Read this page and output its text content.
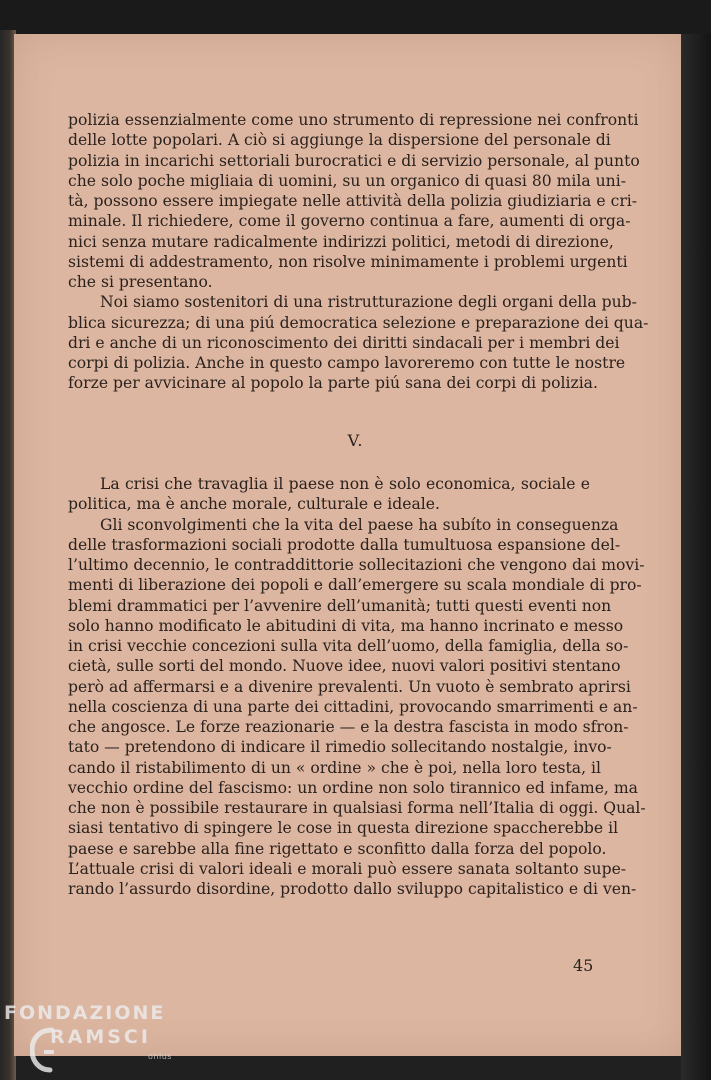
polizia essenzialmente come uno strumento di repressione nei confronti
delle lotte popolari. A ciò si aggiunge la dispersione del personale di
polizia in incarichi settoriali burocratici e di servizio personale, al punto
che solo poche migliaia di uomini, su un organico di quasi 80 mila uni-
tà, possono essere impiegate nelle attività della polizia giudiziaria e cri-
minale. Il richiedere, come il governo continua a fare, aumenti di orga-
nici senza mutare radicalmente indirizzi politici, metodi di direzione,
sistemi di addestramento, non risolve minimamente i problemi urgenti
che si presentano.
Noi siamo sostenitori di una ristrutturazione degli organi della pub-
blica sicurezza; di una piú democratica selezione e preparazione dei qua-
dri e anche di un riconoscimento dei diritti sindacali per i membri dei
corpi di polizia. Anche in questo campo lavoreremo con tutte le nostre
forze per avvicinare al popolo la parte piú sana dei corpi di polizia.
V.
La crisi che travaglia il paese non è solo economica, sociale e
politica, ma è anche morale, culturale e ideale.
Gli sconvolgimenti che la vita del paese ha subíto in conseguenza
delle trasformazioni sociali prodotte dalla tumultuosa espansione del-
l’ultimo decennio, le contraddittorie sollecitazioni che vengono dai movi-
menti di liberazione dei popoli e dall’emergere su scala mondiale di pro-
blemi drammatici per l’avvenire dell’umanità; tutti questi eventi non
solo hanno modificato le abitudini di vita, ma hanno incrinato e messo
in crisi vecchie concezioni sulla vita dell’uomo, della famiglia, della so-
cietà, sulle sorti del mondo. Nuove idee, nuovi valori positivi stentano
però ad affermarsi e a divenire prevalenti. Un vuoto è sembrato aprirsi
nella coscienza di una parte dei cittadini, provocando smarrimenti e an-
che angosce. Le forze reazionarie — e la destra fascista in modo sfron-
tato — pretendono di indicare il rimedio sollecitando nostalgie, invo-
cando il ristabilimento di un « ordine » che è poi, nella loro testa, il
vecchio ordine del fascismo: un ordine non solo tirannico ed infame, ma
che non è possibile restaurare in qualsiasi forma nell’Italia di oggi. Qual-
siasi tentativo di spingere le cose in questa direzione spaccherebbe il
paese e sarebbe alla fine rigettato e sconfitto dalla forza del popolo.
L’attuale crisi di valori ideali e morali può essere sanata soltanto supe-
rando l’assurdo disordine, prodotto dallo sviluppo capitalistico e di ven-
45
FONDAZIONE
RAMSCI
onlus
